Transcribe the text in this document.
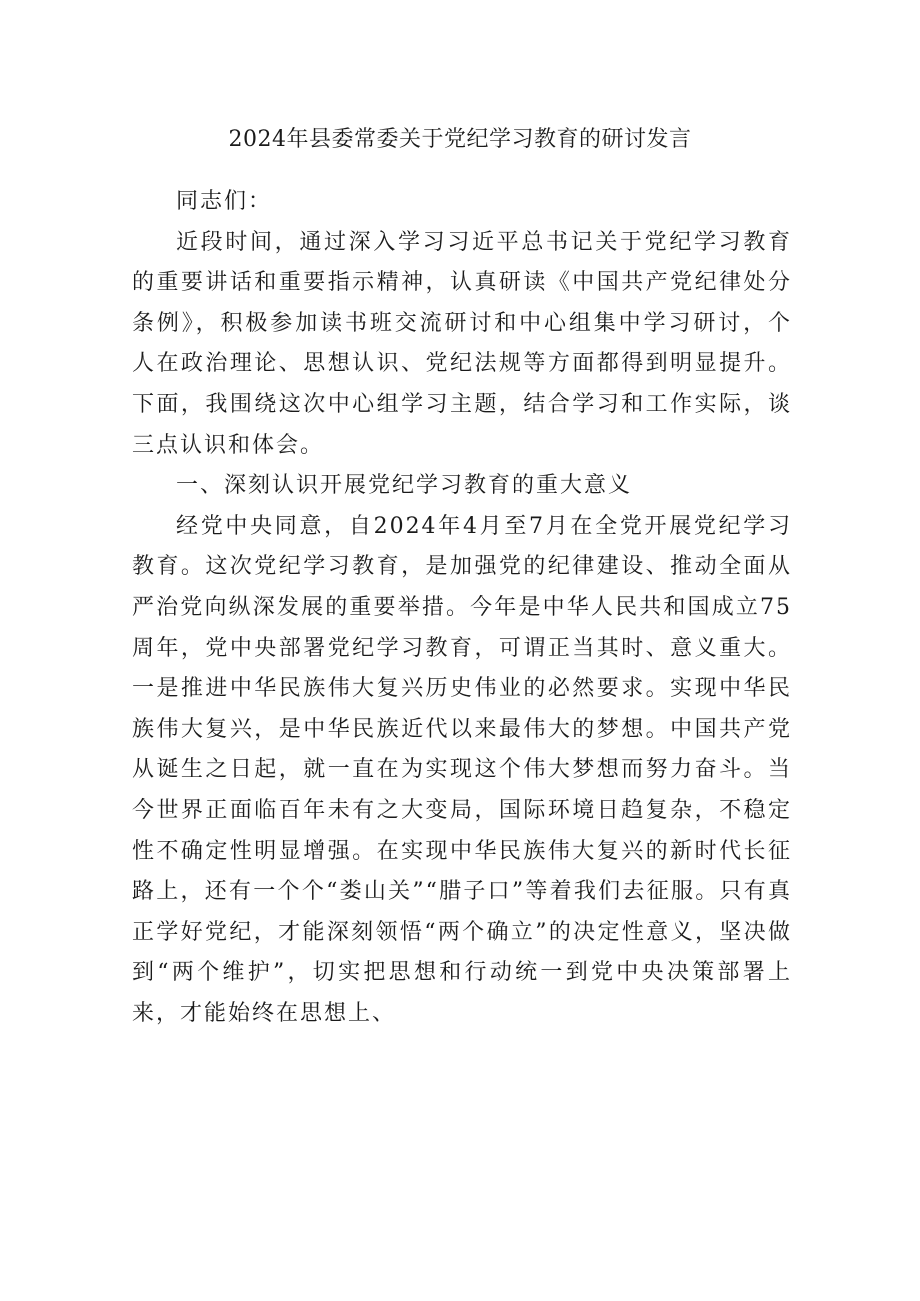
2024年县委常委关于党纪学习教育的研讨发言

同志们：

近段时间，通过深入学习习近平总书记关于党纪学习教育的重要讲话和重要指示精神，认真研读《中国共产党纪律处分条例》，积极参加读书班交流研讨和中心组集中学习研讨，个人在政治理论、思想认识、党纪法规等方面都得到明显提升。下面，我围绕这次中心组学习主题，结合学习和工作实际，谈三点认识和体会。

一、深刻认识开展党纪学习教育的重大意义

经党中央同意，自2024年4月至7月在全党开展党纪学习教育。这次党纪学习教育，是加强党的纪律建设、推动全面从严治党向纵深发展的重要举措。今年是中华人民共和国成立75周年，党中央部署党纪学习教育，可谓正当其时、意义重大。一是推进中华民族伟大复兴历史伟业的必然要求。实现中华民族伟大复兴，是中华民族近代以来最伟大的梦想。中国共产党从诞生之日起，就一直在为实现这个伟大梦想而努力奋斗。当今世界正面临百年未有之大变局，国际环境日趋复杂，不稳定性不确定性明显增强。在实现中华民族伟大复兴的新时代长征路上，还有一个个“娄山关”“腊子口”等着我们去征服。只有真正学好党纪，才能深刻领悟“两个确立”的决定性意义，坚决做到“两个维护”，切实把思想和行动统一到党中央决策部署上来，才能始终在思想上、
